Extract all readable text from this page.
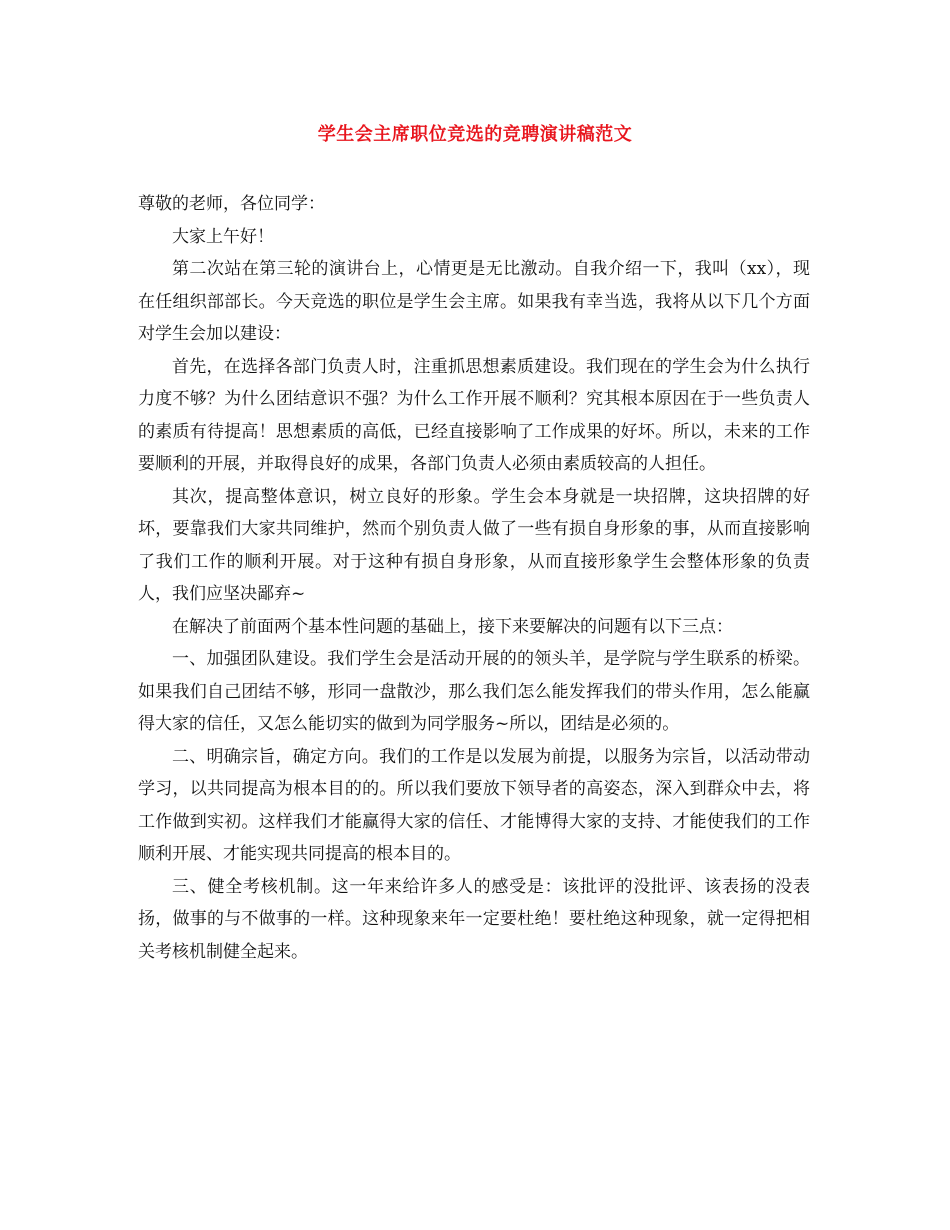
学生会主席职位竞选的竞聘演讲稿范文

尊敬的老师，各位同学：

大家上午好！

第二次站在第三轮的演讲台上，心情更是无比激动。自我介绍一下，我叫（xx），现在任组织部部长。今天竞选的职位是学生会主席。如果我有幸当选，我将从以下几个方面对学生会加以建设：

首先，在选择各部门负责人时，注重抓思想素质建设。我们现在的学生会为什么执行力度不够？为什么团结意识不强？为什么工作开展不顺利？究其根本原因在于一些负责人的素质有待提高！思想素质的高低，已经直接影响了工作成果的好坏。所以，未来的工作要顺利的开展，并取得良好的成果，各部门负责人必须由素质较高的人担任。

其次，提高整体意识，树立良好的形象。学生会本身就是一块招牌，这块招牌的好坏，要靠我们大家共同维护，然而个别负责人做了一些有损自身形象的事，从而直接影响了我们工作的顺利开展。对于这种有损自身形象，从而直接形象学生会整体形象的负责人，我们应坚决鄙弃~

在解决了前面两个基本性问题的基础上，接下来要解决的问题有以下三点：

一、加强团队建设。我们学生会是活动开展的的领头羊，是学院与学生联系的桥梁。如果我们自己团结不够，形同一盘散沙，那么我们怎么能发挥我们的带头作用，怎么能赢得大家的信任，又怎么能切实的做到为同学服务~所以，团结是必须的。

二、明确宗旨，确定方向。我们的工作是以发展为前提，以服务为宗旨，以活动带动学习，以共同提高为根本目的的。所以我们要放下领导者的高姿态，深入到群众中去，将工作做到实初。这样我们才能赢得大家的信任、才能博得大家的支持、才能使我们的工作顺利开展、才能实现共同提高的根本目的。

三、健全考核机制。这一年来给许多人的感受是：该批评的没批评、该表扬的没表扬，做事的与不做事的一样。这种现象来年一定要杜绝！要杜绝这种现象，就一定得把相关考核机制健全起来。
